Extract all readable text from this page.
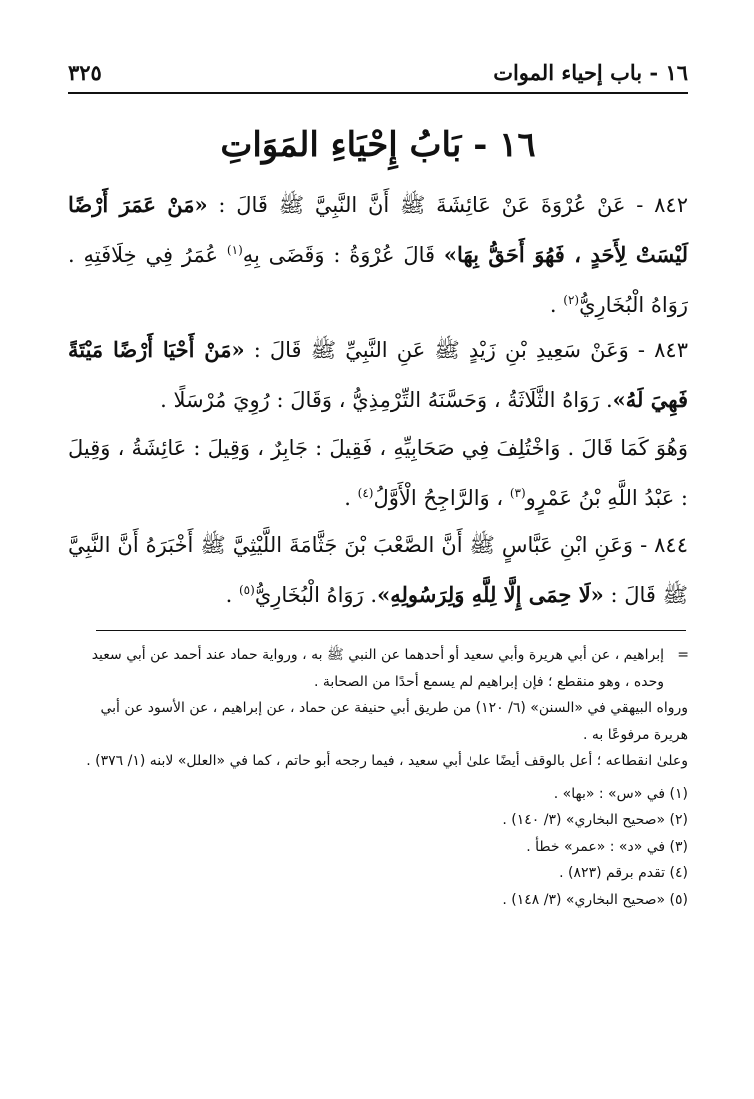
١٦ - باب إحياء الموات
٣٢٥
١٦ - بَابُ إِحْيَاءِ المَوَاتِ
٨٤٢ - عَنْ عُرْوَةَ عَنْ عَائِشَةَ ﷺ أَنَّ النَّبِيَّ ﷺ قَالَ : «مَنْ عَمَرَ أَرْضًا لَيْسَتْ لِأَحَدٍ ، فَهُوَ أَحَقُّ بِهَا» قَالَ عُرْوَةُ : وَقَضَى بِهِ$^{(١)}$ عُمَرُ فِي خِلَافَتِهِ . رَوَاهُ الْبُخَارِيُّ$^{(٢)}$ .
٨٤٣ - وَعَنْ سَعِيدِ بْنِ زَيْدٍ ﷺ عَنِ النَّبِيِّ ﷺ قَالَ : «مَنْ أَحْيَا أَرْضًا مَيْتَةً فَهِيَ لَهُ». رَوَاهُ الثَّلَاثَةُ ، وَحَسَّنَهُ التِّرْمِذِيُّ ، وَقَالَ : رُوِيَ مُرْسَلًا .
وَهُوَ كَمَا قَالَ . وَاخْتُلِفَ فِي صَحَابِيِّهِ ، فَقِيلَ : جَابِرٌ ، وَقِيلَ : عَائِشَةُ ، وَقِيلَ : عَبْدُ اللَّهِ بْنُ عَمْرٍو$^{(٣)}$ ، وَالرَّاجِحُ الْأَوَّلُ$^{(٤)}$ .
٨٤٤ - وَعَنِ ابْنِ عَبَّاسٍ ﷺ أَنَّ الصَّعْبَ بْنَ جَثَّامَةَ اللَّيْثِيَّ ﷺ أَخْبَرَهُ أَنَّ النَّبِيَّ ﷺ قَالَ : «لَا حِمَى إِلَّا لِلَّهِ وَلِرَسُولِهِ». رَوَاهُ الْبُخَارِيُّ$^{(٥)}$ .

=
إبراهيم ، عن أبي هريرة وأبي سعيد أو أحدهما عن النبي ﷺ به ، ورواية حماد عند أحمد عن أبي سعيد وحده ، وهو منقطع ؛ فإن إبراهيم لم يسمع أحدًا من الصحابة .

ورواه البيهقي في «السنن» (٦/ ١٢٠) من طريق أبي حنيفة عن حماد ، عن إبراهيم ، عن الأسود عن أبي هريرة مرفوعًا به .

وعلىٰ انقطاعه ؛ أعل بالوقف أيضًا علىٰ أبي سعيد ، فيما رجحه أبو حاتم ، كما في «العلل» لابنه (١/ ٣٧٦) .

(١) في «س» : «بها» .

(٢) «صحيح البخاري» (٣/ ١٤٠) .

(٣) في «د» : «عمر» خطأ .

(٤) تقدم برقم (٨٢٣) .

(٥) «صحيح البخاري» (٣/ ١٤٨) .
